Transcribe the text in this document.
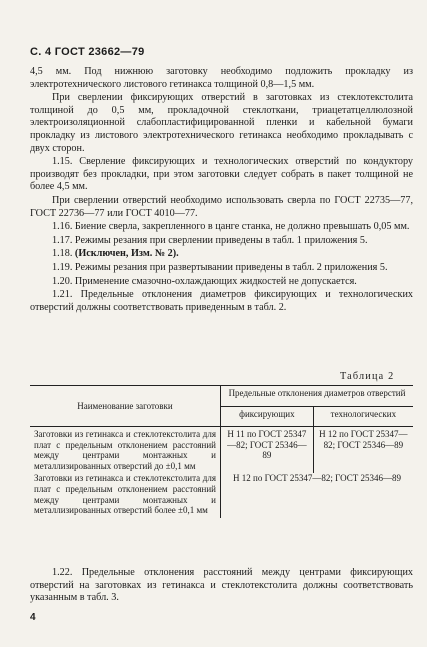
С. 4 ГОСТ 23662—79

4,5 мм. Под нижнюю заготовку необходимо подложить прокладку из электротехнического листового гетинакса толщиной 0,8—1,5 мм.

При сверлении фиксирующих отверстий в заготовках из стеклотекстолита толщиной до 0,5 мм, прокладочной стеклоткани, триацетатцеллюлозной электроизоляционной слабопластифицированной пленки и кабельной бумаги прокладку из листового электротехнического гетинакса необходимо прокладывать с двух сторон.

1.15. Сверление фиксирующих и технологических отверстий по кондуктору производят без прокладки, при этом заготовки следует собрать в пакет толщиной не более 4,5 мм.

При сверлении отверстий необходимо использовать сверла по ГОСТ 22735—77, ГОСТ 22736—77 или ГОСТ 4010—77.

1.16. Биение сверла, закрепленного в цанге станка, не должно превышать 0,05 мм.

1.17. Режимы резания при сверлении приведены в табл. 1 приложения 5.

1.18. (Исключен, Изм. № 2).

1.19. Режимы резания при развертывании приведены в табл. 2 приложения 5.

1.20. Применение смазочно-охлаждающих жидкостей не допускается.

1.21. Предельные отклонения диаметров фиксирующих и технологических отверстий должны соответствовать приведенным в табл. 2.

Таблица 2
Наименование заготовки	Предельные отклонения диаметров отверстий	
	фиксирующих	технологических
Заготовки из гетинакса и стеклотекстолита для плат с предельным отклонением расстояний между центрами монтажных и металлизированных отверстий до ±0,1 мм	Н 11 по ГОСТ 25347—82; ГОСТ 25346—89	Н 12 по ГОСТ 25347—82; ГОСТ 25346—89
Заготовки из гетинакса и стеклотекстолита для плат с предельным отклонением расстояний между центрами монтажных и металлизированных отверстий более ±0,1 мм	Н 12 по ГОСТ 25347—82; ГОСТ 25346—89	
1.22. Предельные отклонения расстояний между центрами фиксирующих отверстий на заготовках из гетинакса и стеклотекстолита должны соответствовать указанным в табл. 3.
4
